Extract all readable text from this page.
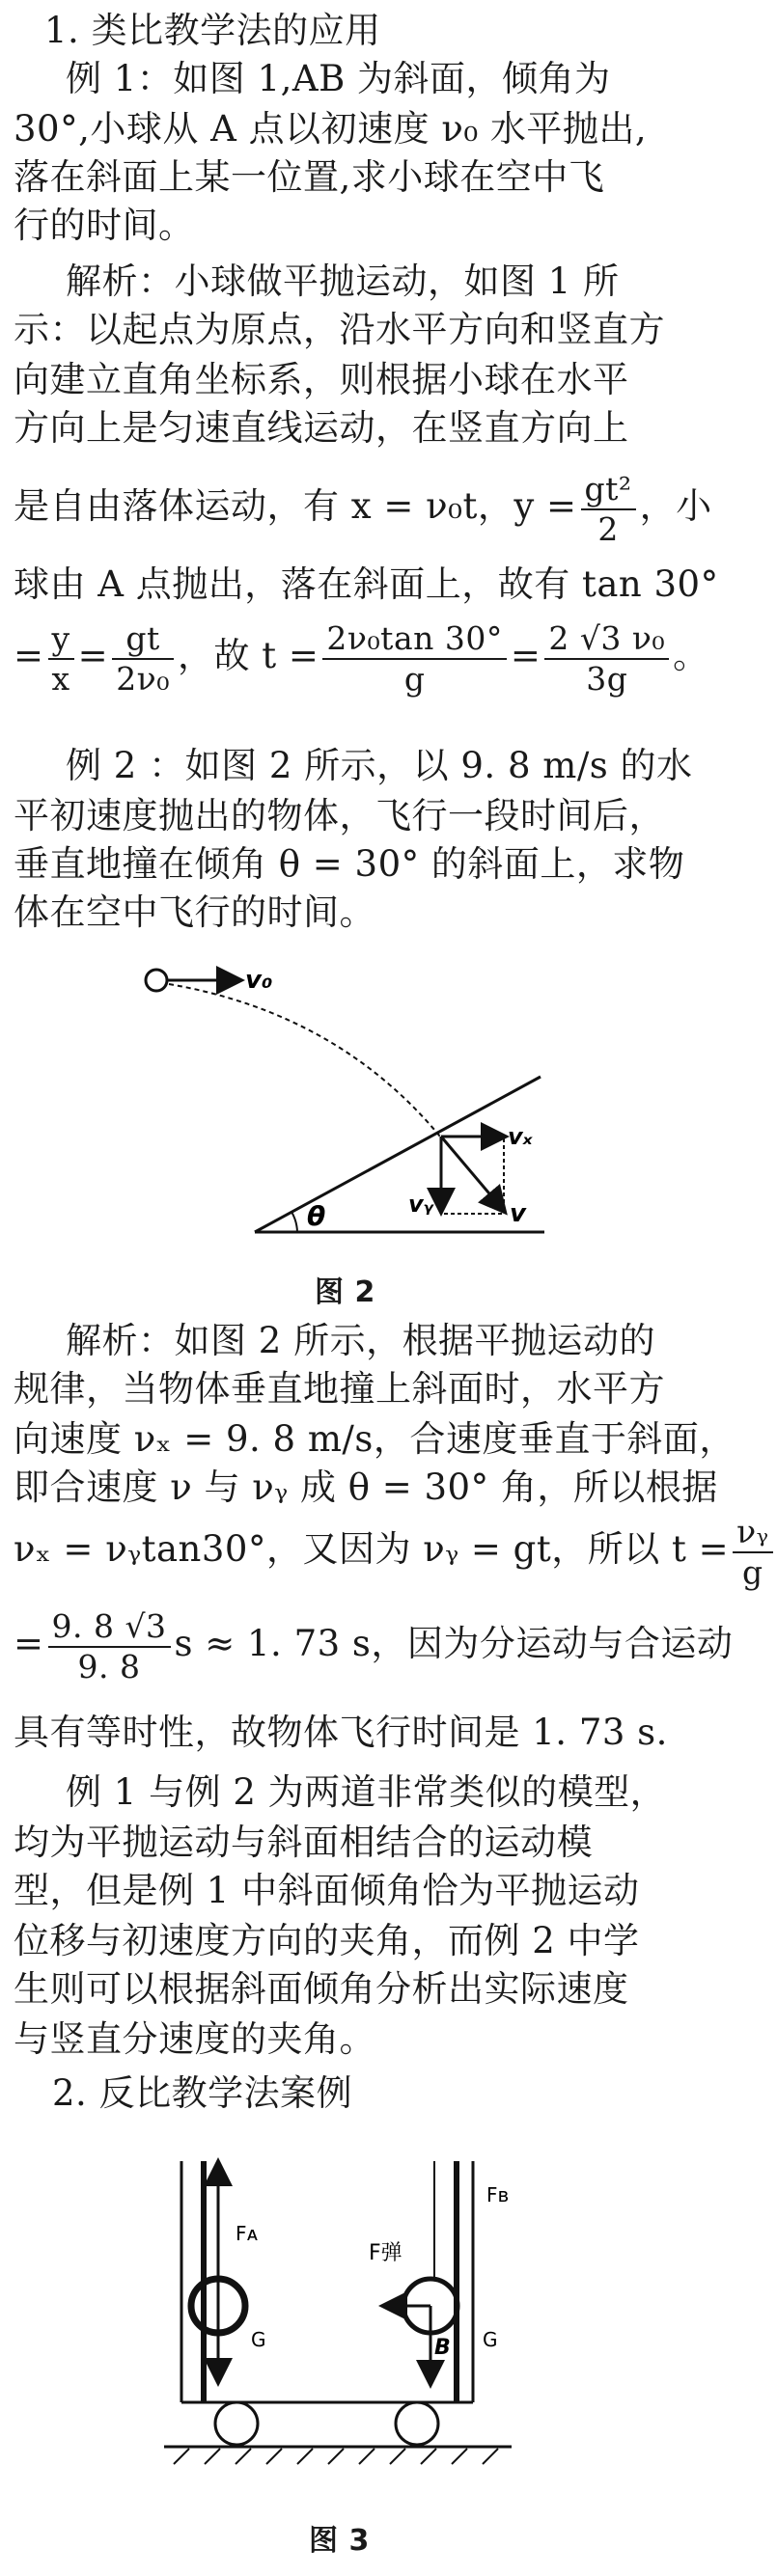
1. 类比教学法的应用
例 1：如图 1,AB 为斜面，倾角为
30°,小球从 A 点以初速度 ν₀ 水平抛出,
落在斜面上某一位置,求小球在空中飞
行的时间。
解析：小球做平抛运动，如图 1 所
示：以起点为原点，沿水平方向和竖直方
向建立直角坐标系，则根据小球在水平
方向上是匀速直线运动，在竖直方向上
是自由落体运动，有 x = ν₀t，$y = \frac{\text{gt²}}{2}$ ，小
球由 A 点抛出，落在斜面上，故有 tan 30°
= $\frac{y}{x} = \frac{gt}{\text{2ν₀}}$ ，故 $t = \frac{\text{2ν₀tan 30°}}{g} = \frac{\text{2 √3 ν₀}}{3g}$ 。
例 2 ：如图 2 所示，以 9. 8 m/s 的水
平初速度抛出的物体，飞行一段时间后，
垂直地撞在倾角 θ = 30° 的斜面上，求物
体在空中飞行的时间。
v₀
θ
vₓ
vᵧ	v
图 2
解析：如图 2 所示，根据平抛运动的
规律，当物体垂直地撞上斜面时，水平方
向速度 νₓ = 9. 8 m/s，合速度垂直于斜面，
即合速度 ν 与 νᵧ 成 θ = 30° 角，所以根据
νₓ = νᵧtan30°，又因为 νᵧ = gt，所以 $t = \frac{\text{νᵧ}}{g}$
= $\frac{9. 8 √3}{9. 8}$ s ≈ 1. 73 s，因为分运动与合运动
具有等时性，故物体飞行时间是 1. 73 s.
例 1 与例 2 为两道非常类似的模型，
均为平抛运动与斜面相结合的运动模
型，但是例 1 中斜面倾角恰为平抛运动
位移与初速度方向的夹角，而例 2 中学
生则可以根据斜面倾角分析出实际速度
与竖直分速度的夹角。
2. 反比教学法案例
Fᴀ
G
Fʙ
F弹
G
B
图 3
